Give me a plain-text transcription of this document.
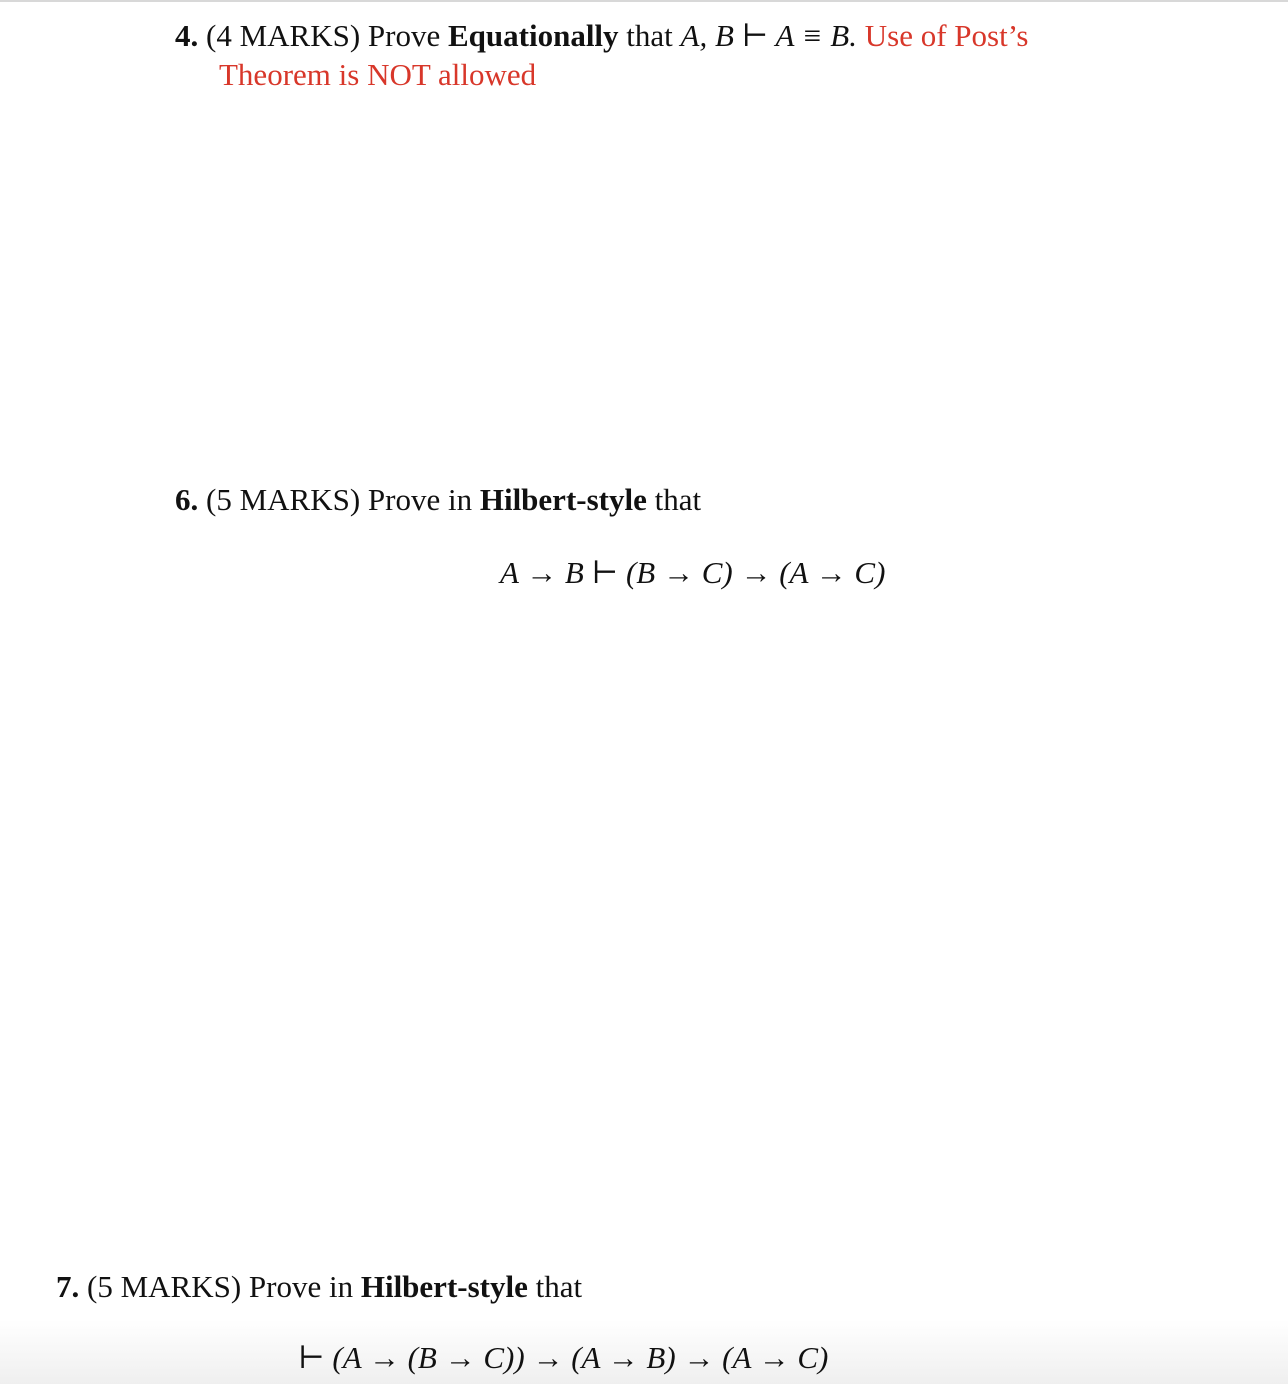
4. (4 MARKS) Prove Equationally that A, B ⊢ A ≡ B. Use of Post’s
Theorem is NOT allowed
6. (5 MARKS) Prove in Hilbert-style that
A → B ⊢ (B → C) → (A → C)
7. (5 MARKS) Prove in Hilbert-style that
⊢ (A → (B → C)) → (A → B) → (A → C)
